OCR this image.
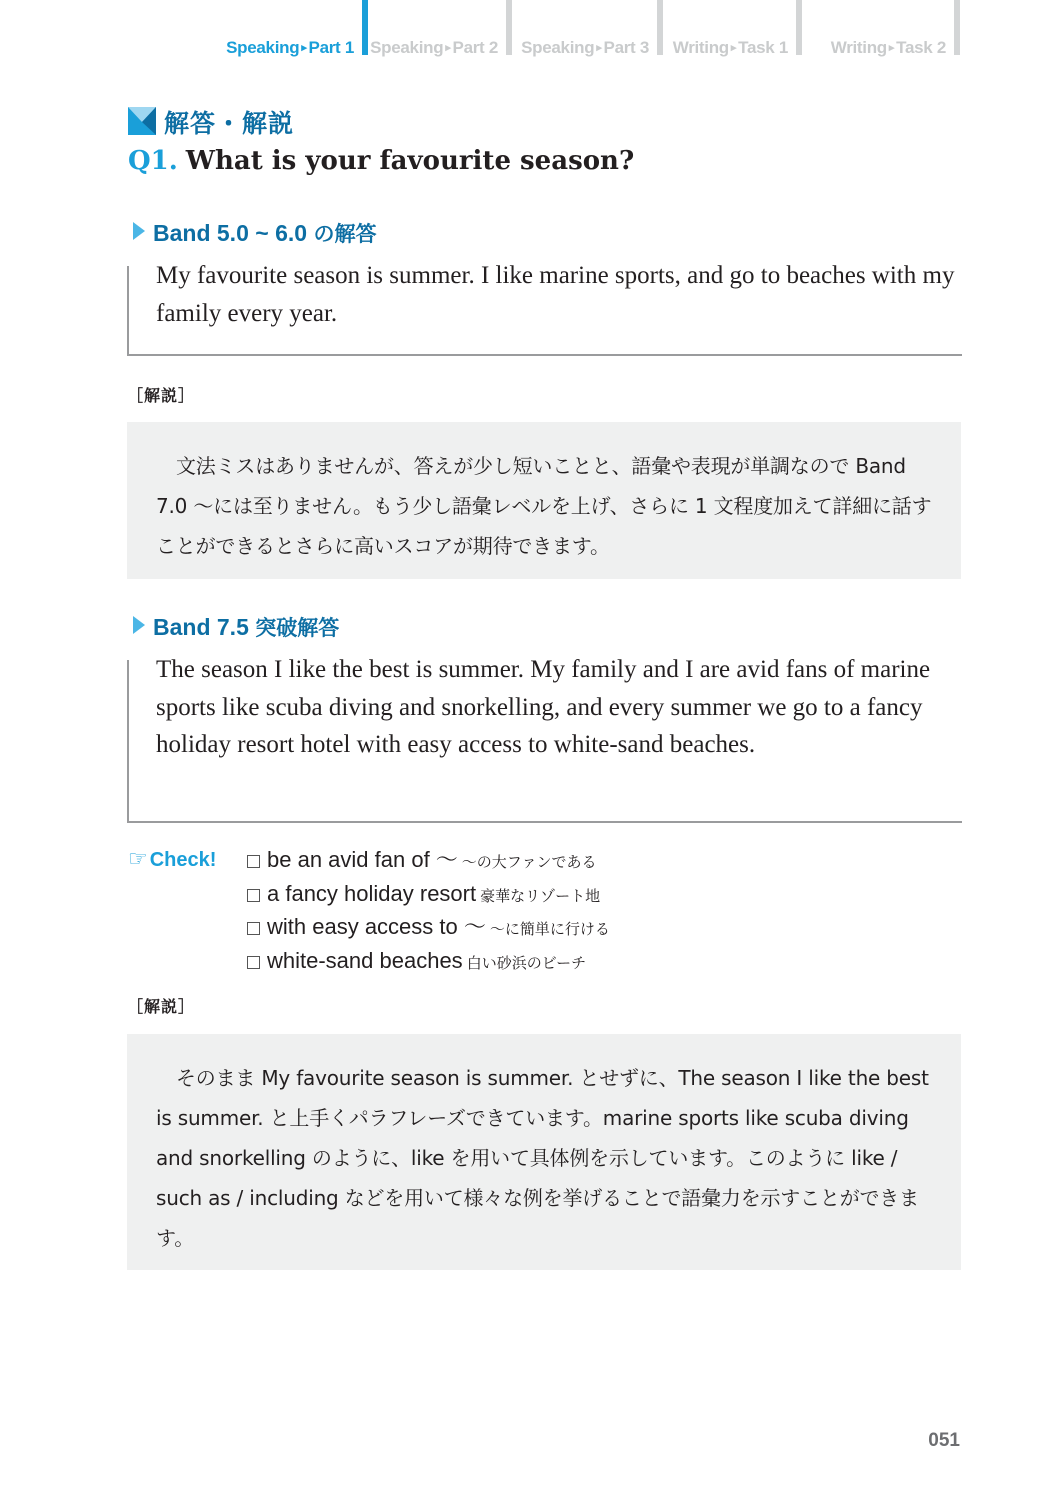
Speaking ▸ Part 1 Speaking ▸ Part 2 Speaking ▸ Part 3 Writing ▸ Task 1	Writing ▸ Task 2
解答・解説
Q1. What is your favourite season?
Band 5.0 ~ 6.0 の解答

My favourite season is summer. I like marine sports, and go to beaches with my family every year.

［解説］

文法ミスはありませんが、答えが少し短いことと、語彙や表現が単調なので Band 7.0 ～には至りません。もう少し語彙レベルを上げ、さらに 1 文程度加えて詳細に話すことができるとさらに高いスコアが期待できます。

Band 7.5 突破解答

The season I like the best is summer. My family and I are avid fans of marine sports like scuba diving and snorkelling, and every summer we go to a fancy holiday resort hotel with easy access to white-sand beaches.

☞ Check!	be an avid fan of ～ ～の大ファンである
a fancy holiday resort 豪華なリゾート地
with easy access to ～ ～に簡単に行ける
white-sand beaches 白い砂浜のビーチ
［解説］

そのまま My favourite season is summer. とせずに、The season I like the best is summer. と上手くパラフレーズできています。marine sports like scuba diving and snorkelling のように、like を用いて具体例を示しています。このように like / such as / including などを用いて様々な例を挙げることで語彙力を示すことができます。

051
